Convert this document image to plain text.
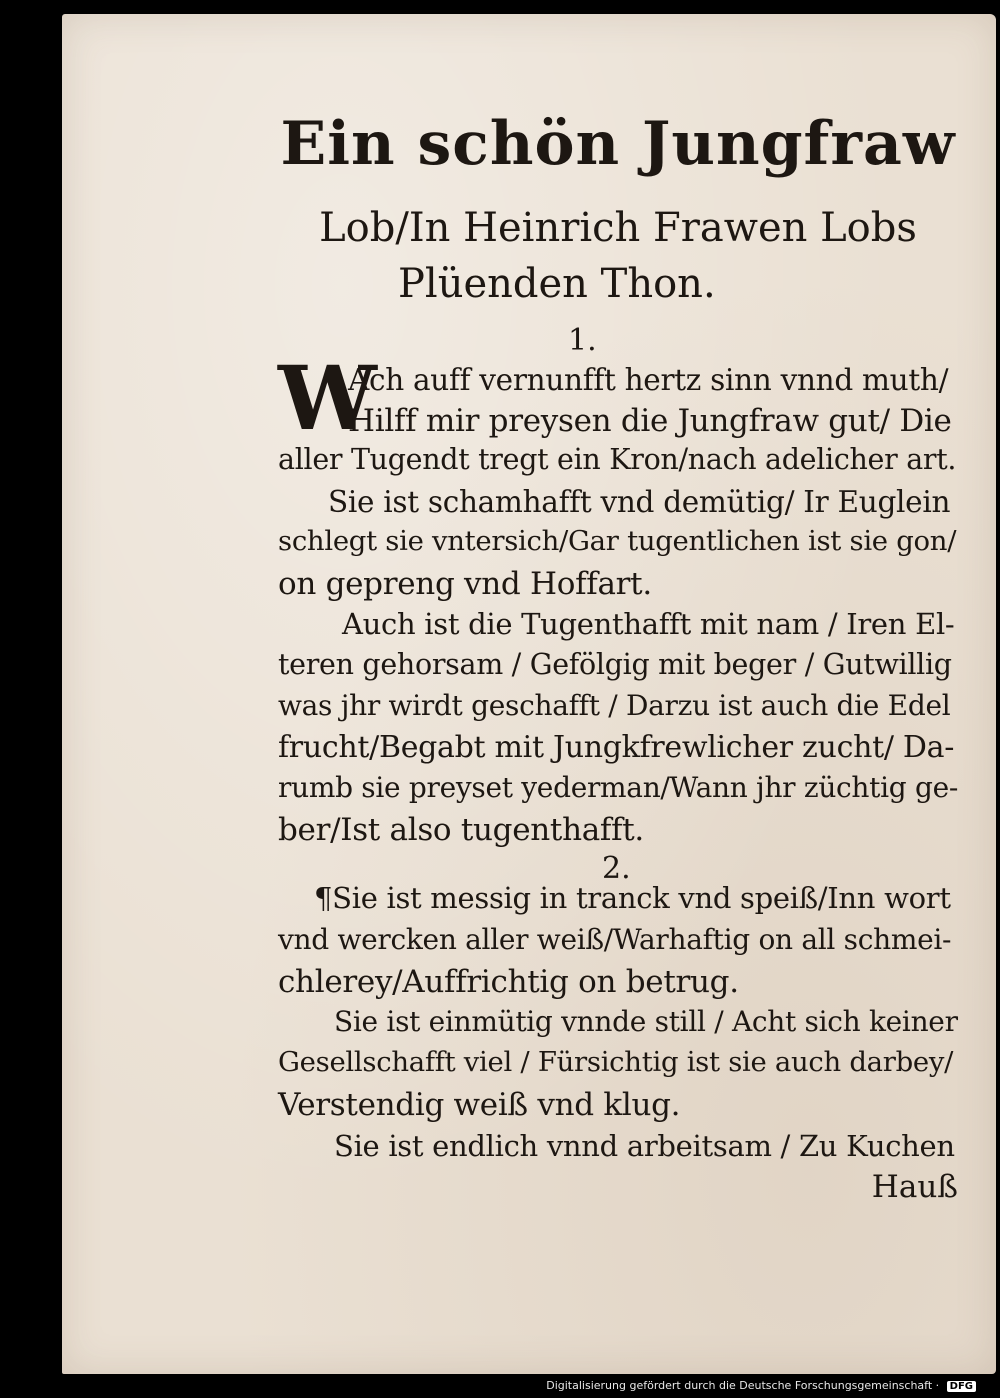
Ein schön Jungfraw
Lob/In Heinrich Frawen Lobs
Plüenden Thon.
1.
W
Ach auff vernunfft hertz sinn vnnd muth/
Hilff mir preysen die Jungfraw gut/ Die
aller Tugendt tregt ein Kron/nach adelicher art.
Sie ist schamhafft vnd demütig/ Ir Euglein
schlegt sie vntersich/Gar tugentlichen ist sie gon/
on gepreng vnd Hoffart.
Auch ist die Tugenthafft mit nam / Iren El-
teren gehorsam / Gefölgig mit beger / Gutwillig
was jhr wirdt geschafft / Darzu ist auch die Edel
frucht/Begabt mit Jungkfrewlicher zucht/ Da-
rumb sie preyset yederman/Wann jhr züchtig ge-
ber/Ist also tugenthafft.
2.
¶Sie ist messig in tranck vnd speiß/Inn wort
vnd wercken aller weiß/Warhaftig on all schmei-
chlerey/Auffrichtig on betrug.
Sie ist einmütig vnnde still / Acht sich keiner
Gesellschafft viel / Fürsichtig ist sie auch darbey/
Verstendig weiß vnd klug.
Sie ist endlich vnnd arbeitsam / Zu Kuchen
Hauß
Digitalisierung gefördert durch die Deutsche Forschungsgemeinschaft · DFG
